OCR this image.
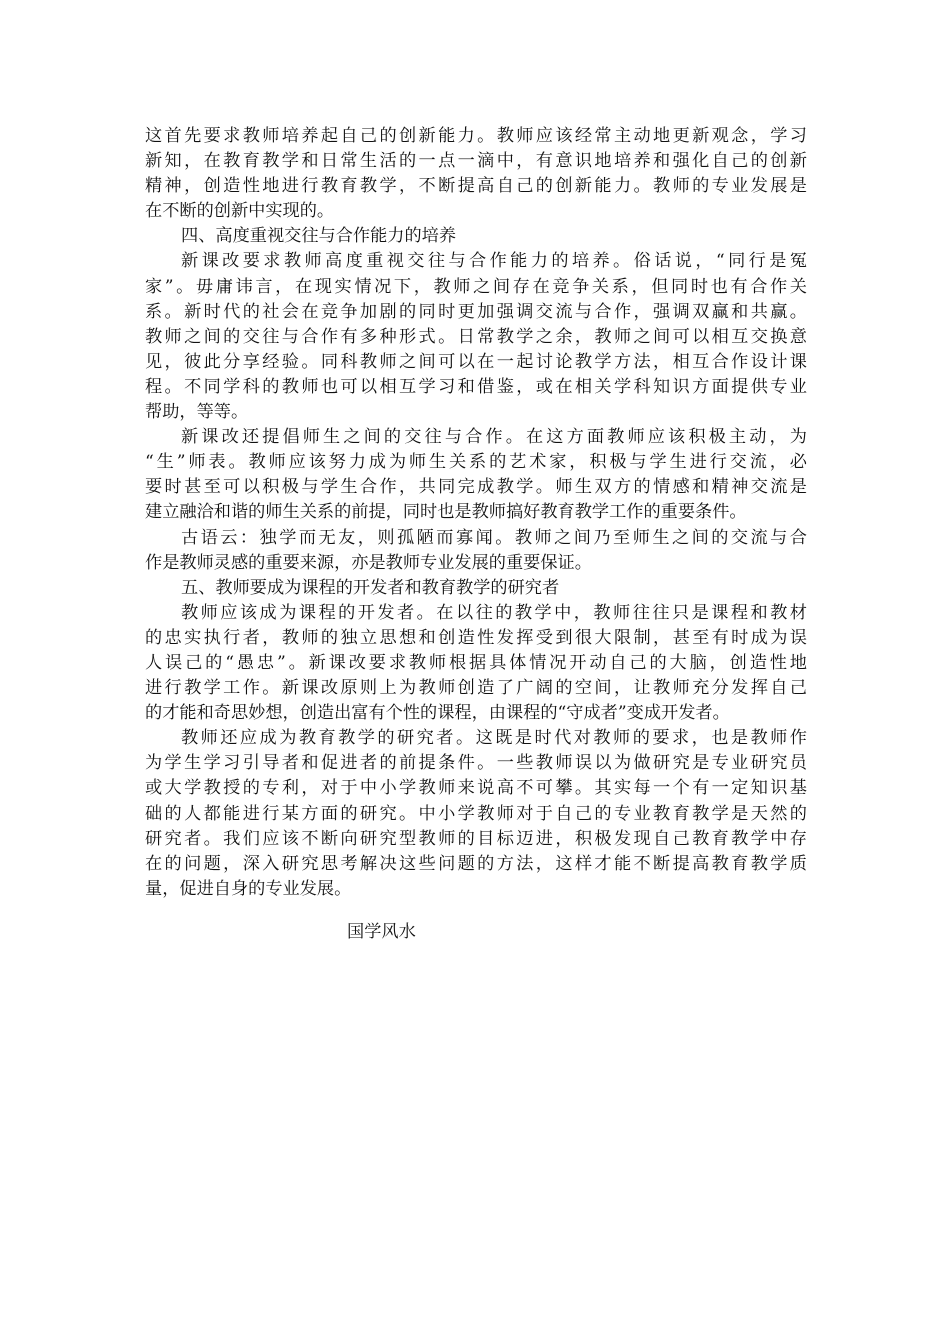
这首先要求教师培养起自己的创新能力。教师应该经常主动地更新观念，学习
新知，在教育教学和日常生活的一点一滴中，有意识地培养和强化自己的创新
精神，创造性地进行教育教学，不断提高自己的创新能力。教师的专业发展是
在不断的创新中实现的。
四、高度重视交往与合作能力的培养
新课改要求教师高度重视交往与合作能力的培养。俗话说，“同行是冤
家”。毋庸讳言，在现实情况下，教师之间存在竞争关系，但同时也有合作关
系。新时代的社会在竞争加剧的同时更加强调交流与合作，强调双赢和共赢。
教师之间的交往与合作有多种形式。日常教学之余，教师之间可以相互交换意
见，彼此分享经验。同科教师之间可以在一起讨论教学方法，相互合作设计课
程。不同学科的教师也可以相互学习和借鉴，或在相关学科知识方面提供专业
帮助，等等。
新课改还提倡师生之间的交往与合作。在这方面教师应该积极主动，为
“生”师表。教师应该努力成为师生关系的艺术家，积极与学生进行交流，必
要时甚至可以积极与学生合作，共同完成教学。师生双方的情感和精神交流是
建立融洽和谐的师生关系的前提，同时也是教师搞好教育教学工作的重要条件。
古语云：独学而无友，则孤陋而寡闻。教师之间乃至师生之间的交流与合
作是教师灵感的重要来源，亦是教师专业发展的重要保证。
五、教师要成为课程的开发者和教育教学的研究者
教师应该成为课程的开发者。在以往的教学中，教师往往只是课程和教材
的忠实执行者，教师的独立思想和创造性发挥受到很大限制，甚至有时成为误
人误己的“愚忠”。新课改要求教师根据具体情况开动自己的大脑，创造性地
进行教学工作。新课改原则上为教师创造了广阔的空间，让教师充分发挥自己
的才能和奇思妙想，创造出富有个性的课程，由课程的“守成者”变成开发者。
教师还应成为教育教学的研究者。这既是时代对教师的要求，也是教师作
为学生学习引导者和促进者的前提条件。一些教师误以为做研究是专业研究员
或大学教授的专利，对于中小学教师来说高不可攀。其实每一个有一定知识基
础的人都能进行某方面的研究。中小学教师对于自己的专业教育教学是天然的
研究者。我们应该不断向研究型教师的目标迈进，积极发现自己教育教学中存
在的问题，深入研究思考解决这些问题的方法，这样才能不断提高教育教学质
量，促进自身的专业发展。
国学风水
